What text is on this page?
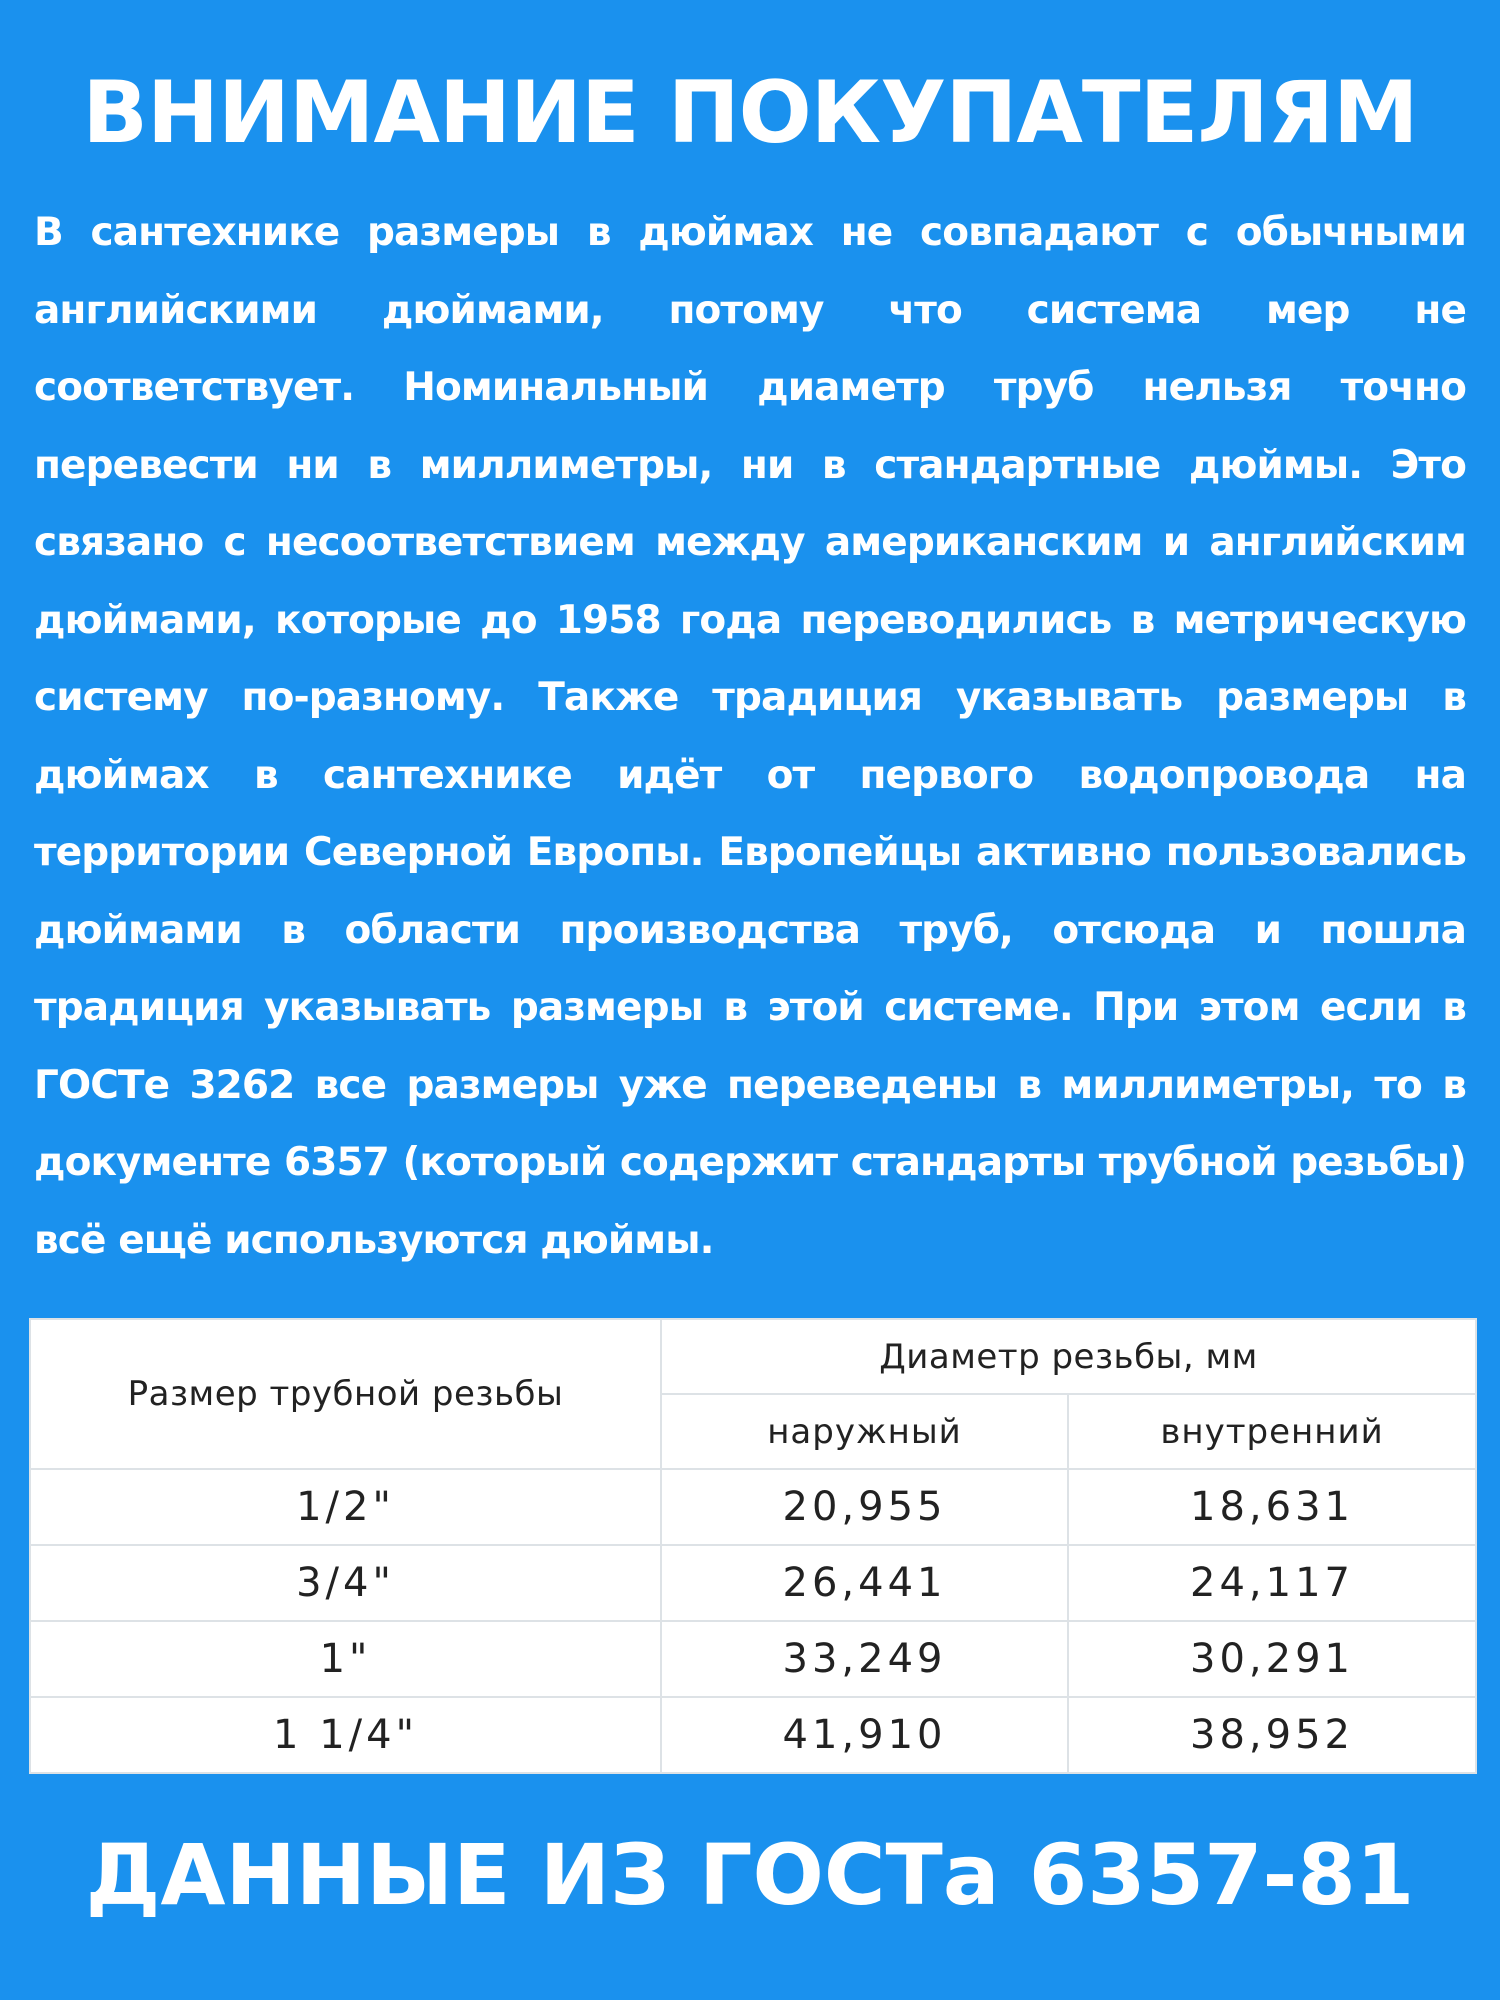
ВНИМАНИЕ ПОКУПАТЕЛЯМ

В сантехнике размеры в дюймах не совпадают с обычными английскими дюймами, потому что система мер не соответствует. Номинальный диаметр труб нельзя точно перевести ни в миллиметры, ни в стандартные дюймы. Это связано с несоответствием между американским и английским дюймами, которые до 1958 года переводились в метрическую систему по-разному. Также традиция указывать размеры в дюймах в сантехнике идёт от первого водопровода на территории Северной Европы. Европейцы активно пользовались дюймами в области производства труб, отсюда и пошла традиция указывать размеры в этой системе. При этом если в ГОСТе 3262 все размеры уже переведены в миллиметры, то в документе 6357 (который содержит стандарты трубной резьбы) всё ещё используются дюймы.

Размер трубной резьбы	Диаметр резьбы, мм	
	наружный	внутренний
1/2"	20,955	18,631
3/4"	26,441	24,117
1"	33,249	30,291
1 1/4"	41,910	38,952
ДАННЫЕ ИЗ ГОСТа 6357-81
